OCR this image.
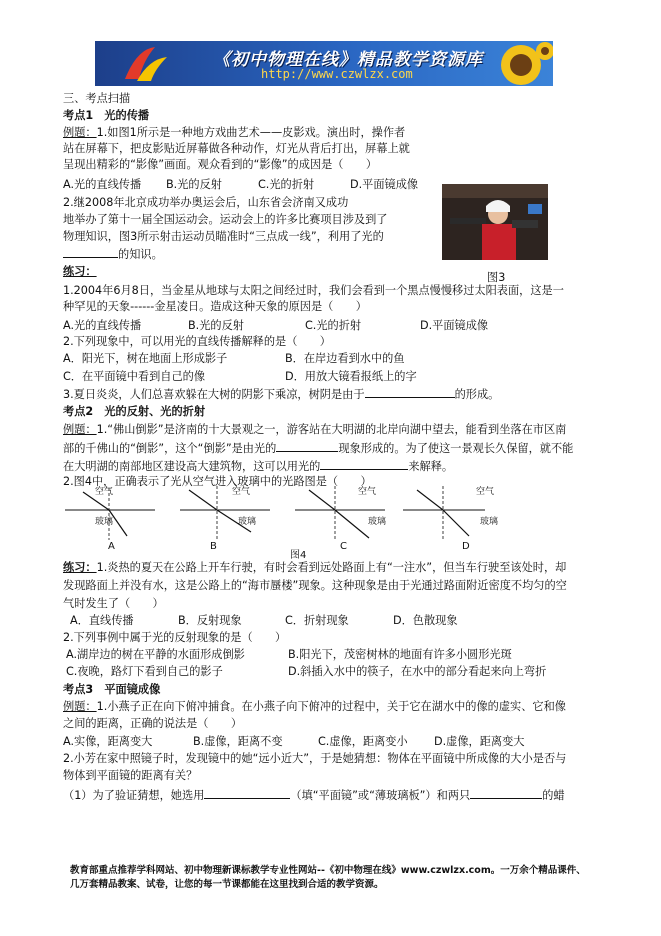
《初中物理在线》精品教学资源库
http://www.czwlzx.com
三、考点扫描
考点1　光的传播
例题：1.如图1所示是一种地方戏曲艺术——皮影戏。演出时，操作者
站在屏幕下，把皮影贴近屏幕做各种动作，灯光从背后打出，屏幕上就
呈现出精彩的“影像”画面。观众看到的“影像”的成因是（　　）
A.光的直线传播 B.光的反射	C.光的折射	D.平面镜成像
2.继2008年北京成功举办奥运会后，山东省会济南又成功
地举办了第十一届全国运动会。运动会上的许多比赛项目涉及到了
物理知识，图3所示射击运动员瞄准时“三点成一线”，利用了光的
的知识。
图3
练习：
1.2004年6月8日，当金星从地球与太阳之间经过时，我们会看到一个黑点慢慢移过太阳表面，这是一
种罕见的天象------金星凌日。造成这种天象的原因是（　　）
A.光的直线传播	B.光的反射	C.光的折射	D.平面镜成像
2.下列现象中，可以用光的直线传播解释的是（　　）
A．阳光下，树在地面上形成影子	B．在岸边看到水中的鱼
C．在平面镜中看到自己的像	D．用放大镜看报纸上的字
3.夏日炎炎，人们总喜欢躲在大树的阴影下乘凉，树阴是由于	的形成。
考点2　光的反射、光的折射
例题：1.“佛山倒影”是济南的十大景观之一，游客站在大明湖的北岸向湖中望去，能看到坐落在市区南
部的千佛山的“倒影”，这个“倒影”是由光的	现象形成的。为了使这一景观长久保留，就不能
在大明湖的南部地区建设高大建筑物，这可以用光的	来解释。
2.图4中，正确表示了光从空气进入玻璃中的光路图是（　　）
空气
玻璃
空气
玻璃
空气
玻璃
空气
玻璃
A	B	C	D
图4
练习：1.炎热的夏天在公路上开车行驶，有时会看到远处路面上有“一注水”，但当车行驶至该处时，却
发现路面上并没有水，这是公路上的“海市蜃楼”现象。这种现象是由于光通过路面附近密度不均匀的空
气时发生了（　　）
A．直线传播	B．反射现象	C．折射现象	D．色散现象
2.下列事例中属于光的反射现象的是（　　）
A.湖岸边的树在平静的水面形成倒影	B.阳光下，茂密树林的地面有许多小圆形光斑
C.夜晚，路灯下看到自己的影子	D.斜插入水中的筷子，在水中的部分看起来向上弯折
考点3　平面镜成像
例题：1.小燕子正在向下俯冲捕食。在小燕子向下俯冲的过程中，关于它在湖水中的像的虚实、它和像
之间的距离，正确的说法是（　　）
A.实像，距离变大	B.虚像，距离不变	C.虚像，距离变小 D.虚像，距离变大
2.小芳在家中照镜子时，发现镜中的她“远小近大”，于是她猜想：物体在平面镜中所成像的大小是否与
物体到平面镜的距离有关？
（1）为了验证猜想，她选用	（填“平面镜”或“薄玻璃板”）和两只	的蜡
教育部重点推荐学科网站、初中物理新课标教学专业性网站--《初中物理在线》www.czwlzx.com。一万余个精品课件、
几万套精品教案、试卷，让您的每一节课都能在这里找到合适的教学资源。
